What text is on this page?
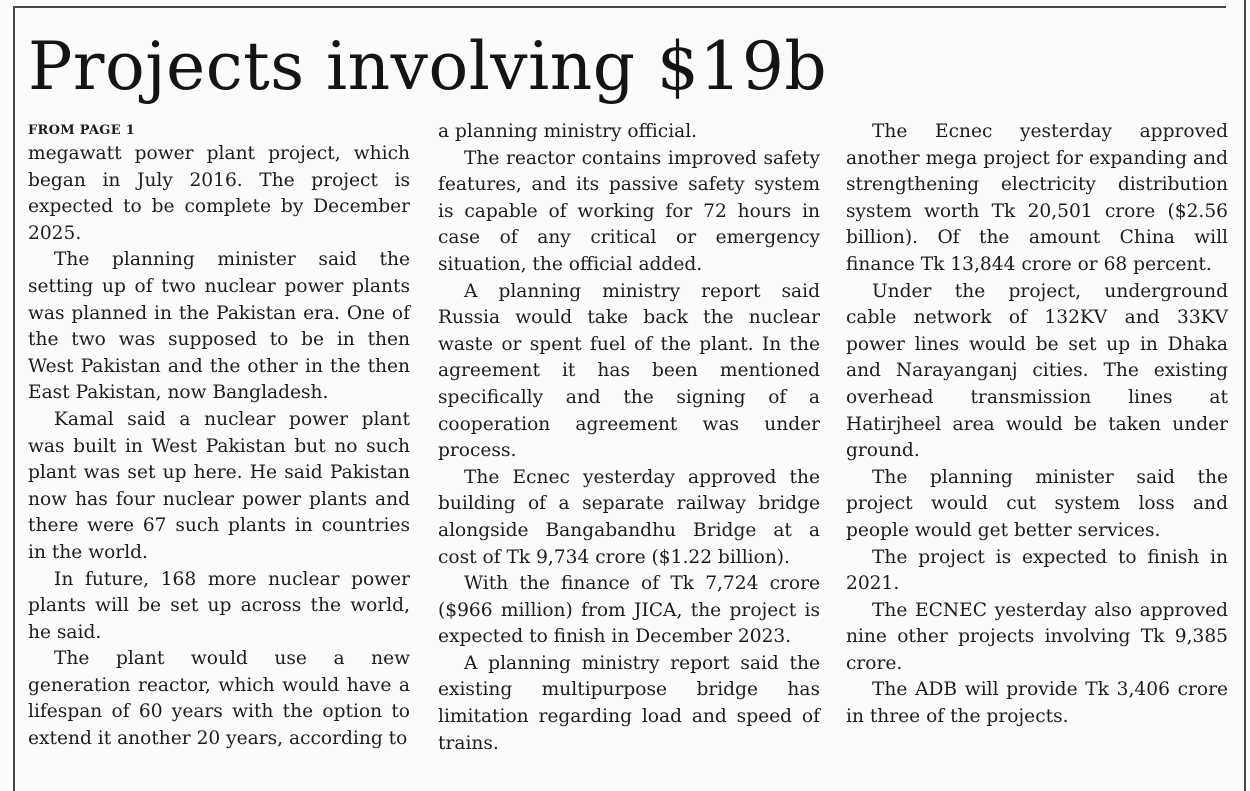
Projects involving $19b
FROM PAGE 1

megawatt power plant project, which began in July 2016. The project is expected to be complete by December 2025.

The planning minister said the setting up of two nuclear power plants was planned in the Pakistan era. One of the two was supposed to be in then West Pakistan and the other in the then East Pakistan, now Bangladesh.

Kamal said a nuclear power plant was built in West Pakistan but no such plant was set up here. He said Pakistan now has four nuclear power plants and there were 67 such plants in countries in the world.

In future, 168 more nuclear power plants will be set up across the world, he said.

The plant would use a new generation reactor, which would have a lifespan of 60 years with the option to extend it another 20 years, according to

a planning ministry official.

The reactor contains improved safety features, and its passive safety system is capable of working for 72 hours in case of any critical or emergency situation, the official added.

A planning ministry report said Russia would take back the nuclear waste or spent fuel of the plant. In the agreement it has been mentioned specifically and the signing of a cooperation agreement was under process.

The Ecnec yesterday approved the building of a separate railway bridge alongside Bangabandhu Bridge at a cost of Tk 9,734 crore ($1.22 billion).

With the finance of Tk 7,724 crore ($966 million) from JICA, the project is expected to finish in December 2023.

A planning ministry report said the existing multipurpose bridge has limitation regarding load and speed of trains.

The Ecnec yesterday approved another mega project for expanding and strengthening electricity distribution system worth Tk 20,501 crore ($2.56 billion). Of the amount China will finance Tk 13,844 crore or 68 percent.

Under the project, underground cable network of 132KV and 33KV power lines would be set up in Dhaka and Narayanganj cities. The existing overhead transmission lines at Hatirjheel area would be taken under ground.

The planning minister said the project would cut system loss and people would get better services.

The project is expected to finish in 2021.

The ECNEC yesterday also approved nine other projects involving Tk 9,385 crore.

The ADB will provide Tk 3,406 crore in three of the projects.
